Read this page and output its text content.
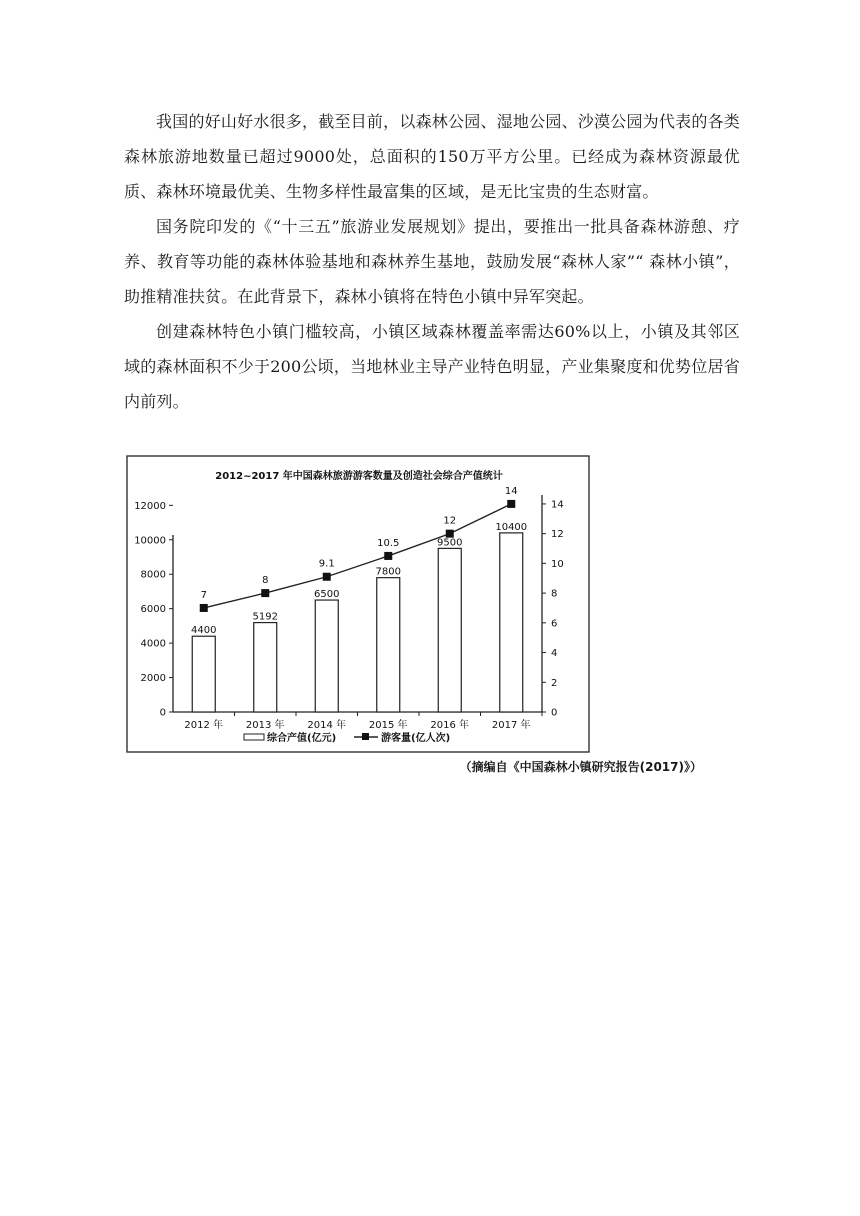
我国的好山好水很多，截至目前，以森林公园、湿地公园、沙漠公园为代表的各类森林旅游地数量已超过9000处，总面积的150万平方公里。已经成为森林资源最优质、森林环境最优美、生物多样性最富集的区域，是无比宝贵的生态财富。

国务院印发的《“十三五”旅游业发展规划》提出，要推出一批具备森林游憩、疗养、教育等功能的森林体验基地和森林养生基地，鼓励发展“森林人家”“ 森林小镇”，助推精准扶贫。在此背景下，森林小镇将在特色小镇中异军突起。

创建森林特色小镇门槛较高，小镇区域森林覆盖率需达60%以上，小镇及其邻区域的森林面积不少于200公顷，当地林业主导产业特色明显，产业集聚度和优势位居省内前列。

2012~2017 年中国森林旅游游客数量及创造社会综合产值统计
0
2000
4000
6000
8000
10000
12000
0
2
4
6
8
10
12
14
2012 年
4400
2013 年
5192
2014 年
6500
2015 年
7800
2016 年
9500
2017 年
10400
7
8
9.1
10.5
12
14
综合产值(亿元)	游客量(亿人次)
（摘编自《中国森林小镇研究报告(2017)》）
